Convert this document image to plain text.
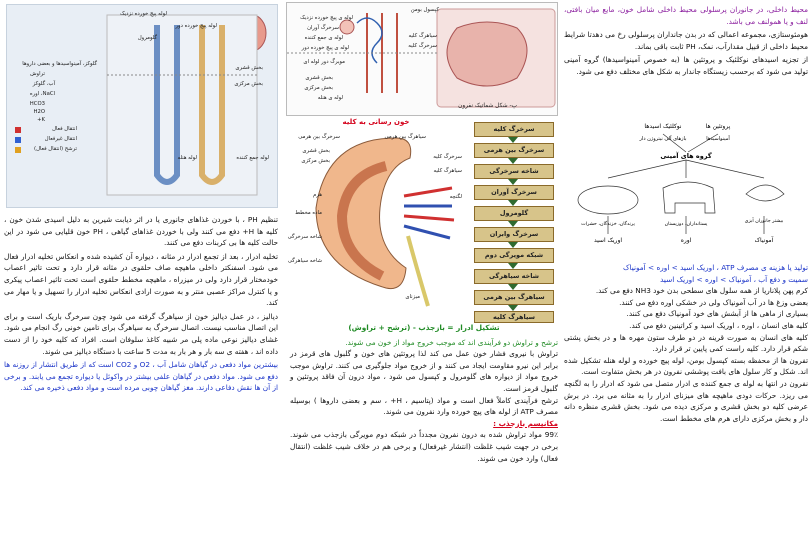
محیط داخلی، در جانوران پرسلولی محیط داخلی شامل خون، مایع میان بافتی، لنف و یا همولنف می باشد.

هومئوستازی، مجموعه اعمالی که در بدن جانداران پرسلولی رخ می دهدتا شرایط محیط داخلی از قبیل مقدارآب، نمک، PH ثابت باقی بماند.

از تجزیه اسیدهای نوکلئیک و پروتئین ها (به خصوص آمینواسیدها) گروه آمینی تولید می شود که برحسب زیستگاه جاندار به شکل های مختلف دفع می شود.

پروتئین ها
نوکلئیک اسیدها
آمینواسیدها
بازهای آلی نیتروژن دار
گروه های آمینی
آمونیاک
اوره
اوریک اسید
بیشتر جانوران آبزی
پستانداران، دوزیستان
پرندگان، خزندگان، حشرات

تولید یا هزینه ی مصرف ATP ، اوریک اسید > اوره > آمونیاک

سمیت و دفع آب ، آمونیاک > اوره > اوریک اسید

کرم پهن پلاناریا از همه سلول های سطحی بدن خود NH3 دفع می کند.

بعضی وزغ ها در آب آمونیاک ولی در خشکی اوره دفع می کنند.

بسیاری از ماهی ها از آبشش های خود آمونیاک دفع می کنند.

کلیه های انسان ، اوره ، اوریک اسید و کراتینین دفع می کند.

کلیه های انسان به صورت قرینه در دو طرف ستون مهره ها و در بخش پشتی شکم قرار دارد. کلیه راست کمی پایین تر قرار دارد.

تفرون ها از محفظه بسته کپسول بومن، لوله پیچ خورده و لوله هنله تشکیل شده اند. شکل و کار سلول های بافت پوششی نفرون در هر بخش متفاوت است.

نفرون در انتها به لوله ی جمع کننده ی ادرار متصل می شود که ادرار را به لگنچه می ریزد. حرکات دودی ماهیچه های میزنای ادرار را به مثانه می برد. در برش عرضی کلیه دو بخش قشری و مرکزی دیده می شود. بخش قشری منظره دانه دار و بخش مرکزی دارای هرم های مخطط است.

کپسول بومن
لوله ی پیچ خورده نزدیک
سرخرگ آوران
لوله ی جمع کننده
لوله ی پیچ خورده دور
مویرگ دور لوله ای
بخش قشری
بخش مرکزی
لوله ی هنله
سیاهرگ کلیه
سرخرگ کلیه
پ- شکل شماتیک نفرون
خون رسانی به کلیه
سرخرگ بین هرمی
بخش قشری
بخش مرکزی
سیاهرگ بین هرمی
سرخرگ کلیه
سیاهرگ کلیه
لگنچه
هرم
ماده مخطط
شاخه سرخرگی
شاخه سیاهرگی
میزنای
سرخرگ کلیه
سرخرگ بین هرمی
شاخه سرخرگی
سرخرگ آوران
گلومرول
سرخرگ وابران
شبکه مویرگی دوم
شاخه سیاهرگی
سیاهرگ بین هرمی
سیاهرگ کلیه

تشکیل ادرار = بازجذب - (ترشح + تراوش)

ترشح و تراوش دو فرآیندی اند که موجب خروج مواد از خون می شوند.

تراوش با نیروی فشار خون عمل می کند لذا پروتئین های خون و گلبول های قرمز در برابر این نیرو مقاومت ایجاد می کنند و از خروج مواد جلوگیری می کنند. تراوش موجب خروج مواد از دیواره های گلومرول و کپسول می شود ، مواد درون آن فاقد پروتئین و گلبول قرمز است.

ترشح فرآیندی کاملاً فعال است و مواد (پتاسیم ، H+ ، سم و بعضی داروها ) بوسیله مصرف ATP از لوله های پیچ خورده وارد نفرون می شوند.

مکانیسم بازجذب :

99٪ مواد تراوش شده به درون نفرون مجدداً در شبکه دوم مویرگی بازجذب می شوند. برخی در جهت شیب غلظت (انتشار غیرفعال) و برخی هم در خلاف شیب غلظت (انتقال فعال) وارد خون می شوند.

انتقال فعال
انتقال غیرفعال
ترشح (انتقال فعال)
تراوش
آب، گلوکز
NaCl، اوره
HCO3
H2O
K+
گلوکز، آمینواسیدها و بعضی داروها
لوله پیچ خورده نزدیک
لوله پیچ خورده دور
گلومرول
بخش قشری
بخش مرکزی
لوله هنله	لوله جمع کننده

تنظیم PH ، با خوردن غذاهای جانوری یا در اثر دیابت شیرین به دلیل اسیدی شدن خون ، کلیه ها H+ دفع می کنند ولی با خوردن غذاهای گیاهی ، PH خون قلیایی می شود در این حالت کلیه ها بی کربنات دفع می کنند.

تخلیه ادرار ، بعد از تجمع ادرار در مثانه ، دیواره آن کشیده شده و انعکاس تخلیه ادرار فعال می شود. اسفنکتر داخلی ماهیچه صاف حلقوی در مثانه قرار دارد و تحت تاثیر اعصاب خودمختار قرار دارد ولی در میزراه ، ماهیچه مخطط حلقوی است تحت تاثیر اعصاب پیکری و یا کنترل مراکز عصبی منتر و به صورت ارادی انعکاس تخلیه ادرار را تسهیل و یا مهار می کند.

دیالیز ، در عمل دیالیز خون از سیاهرگ گرفته می شود چون سرخرگ باریک است و برای این اتصال مناسب نیست. اتصال سرخرگ به سیاهرگ برای تامین خونی رگ انجام می شود. غشای دیالیز نوعی ماده پلی مر شبیه کاغذ سلوفان است. افراد که کلیه خود را از دست داده اند ، هفته ی سه بار و هر بار به مدت 5 ساعت با دستگاه دیالیز می شوند.

بیشترین مواد دفعی در گیاهان شامل آب ، O2 و CO2 است که از طریق انتشار از روزنه ها دفع می شود. مواد دفعی در گیاهان علفی بیشتر در واکوئل یا دیواره تجمع می یابند. و برخی از آن ها نقش دفاعی دارند. مغز گیاهان چوبی مرده است و مواد دفعی ذخیره می کند.
